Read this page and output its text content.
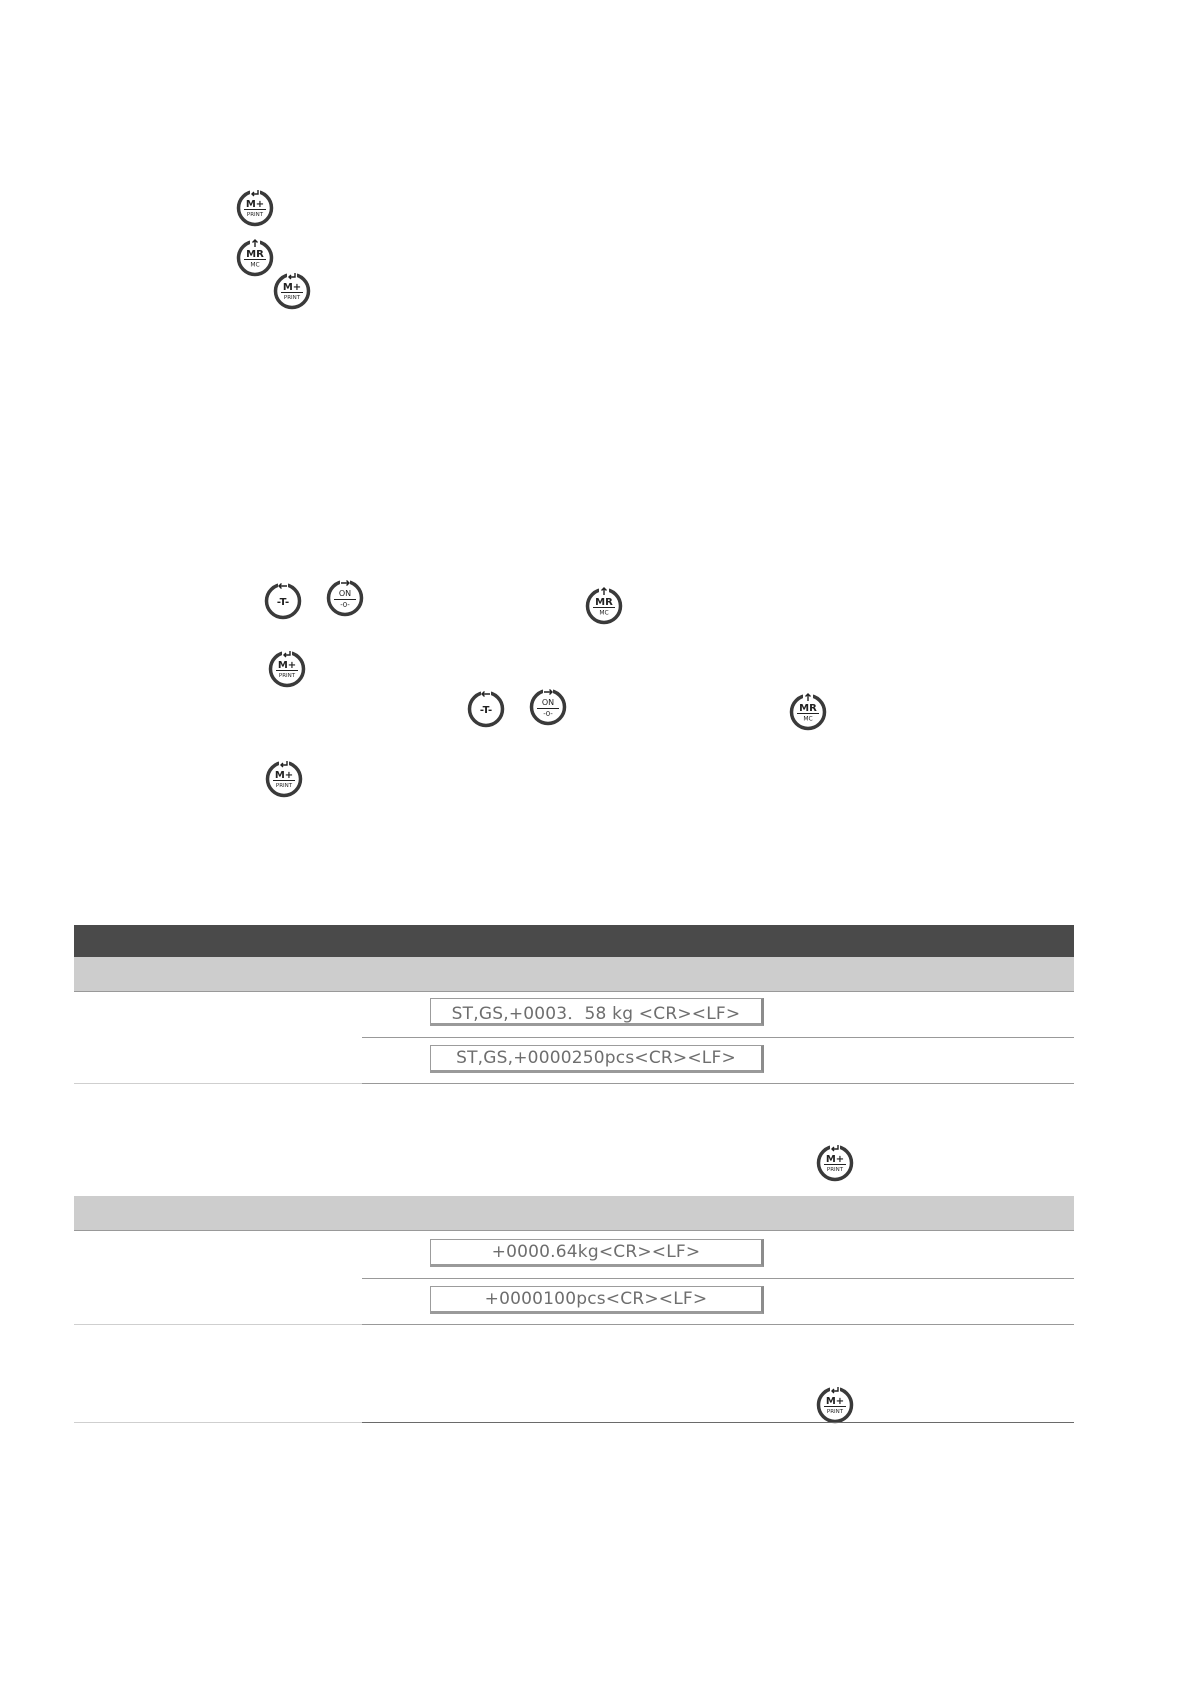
M+
PRINT
MR
MC
M+
PRINT
-T-
ON
-0-	MR
MC
M+
PRINT
-T-
ON
-0-	MR
MC
M+
PRINT
ST,GS,+0003．58 kg <CR><LF>
ST,GS,+0000250pcs<CR><LF>
M+
PRINT
+0000.64kg<CR><LF>
+0000100pcs<CR><LF>
M+
PRINT
